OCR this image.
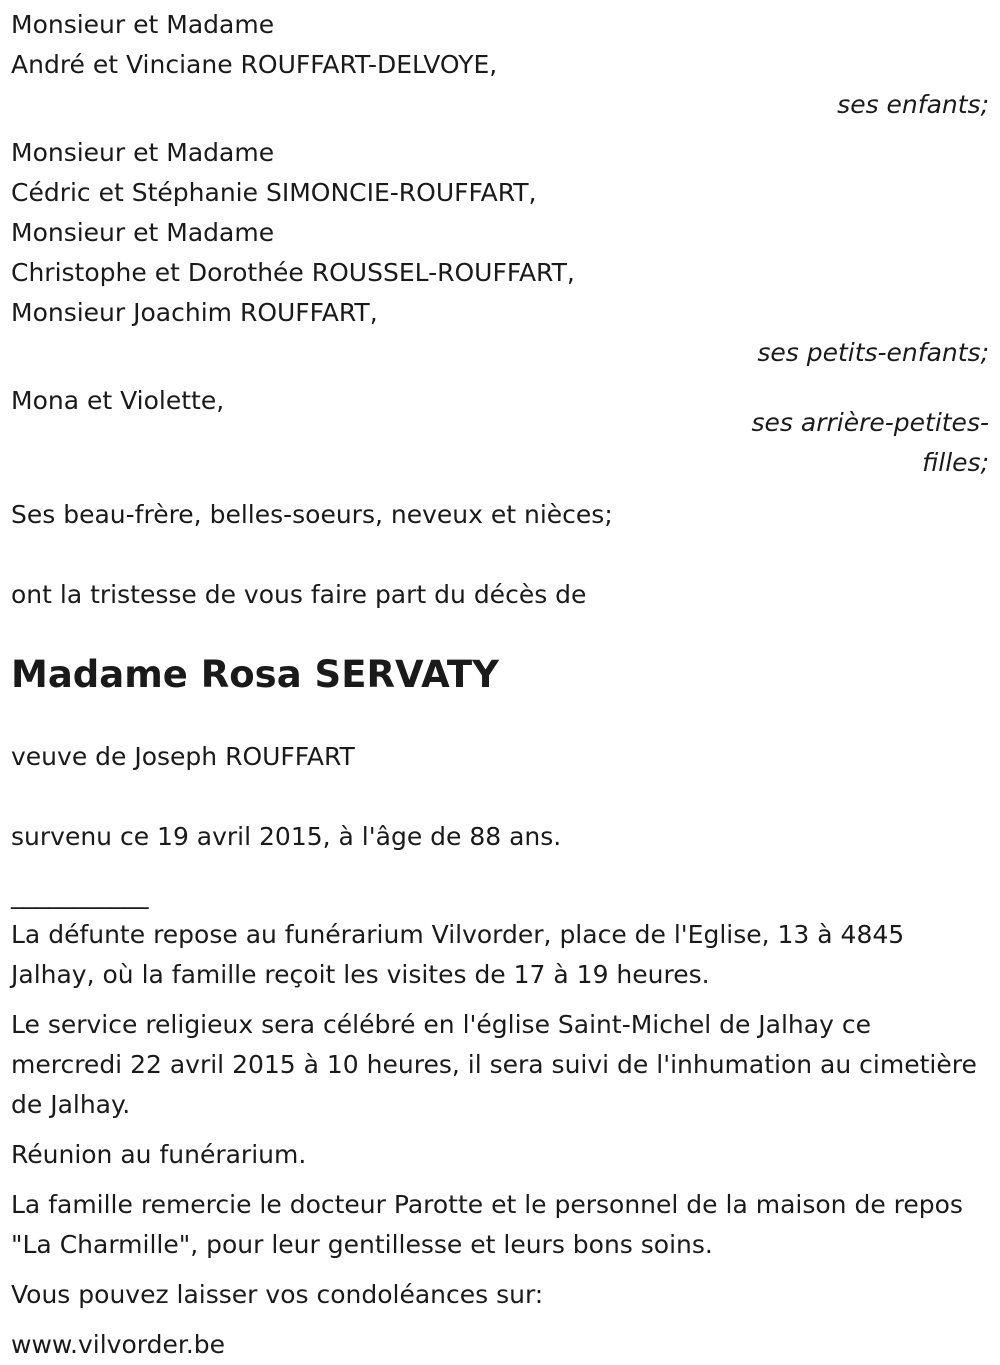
Monsieur et Madame
André et Vinciane ROUFFART-DELVOYE,
ses enfants;
Monsieur et Madame
Cédric et Stéphanie SIMONCIE-ROUFFART,
Monsieur et Madame
Christophe et Dorothée ROUSSEL-ROUFFART,
Monsieur Joachim ROUFFART,
ses petits-enfants;
Mona et Violette,
ses arrière-petites-
filles;
Ses beau-frère, belles-soeurs, neveux et nièces;
ont la tristesse de vous faire part du décès de
Madame Rosa SERVATY
veuve de Joseph ROUFFART
survenu ce 19 avril 2015, à l'âge de 88 ans.
___________
La défunte repose au funérarium Vilvorder, place de l'Eglise, 13 à 4845 Jalhay, où la famille reçoit les visites de 17 à 19 heures.
Le service religieux sera célébré en l'église Saint-Michel de Jalhay ce mercredi 22 avril 2015 à 10 heures, il sera suivi de l'inhumation au cimetière de Jalhay.
Réunion au funérarium.
La famille remercie le docteur Parotte et le personnel de la maison de repos "La Charmille", pour leur gentillesse et leurs bons soins.
Vous pouvez laisser vos condoléances sur:
www.vilvorder.be
